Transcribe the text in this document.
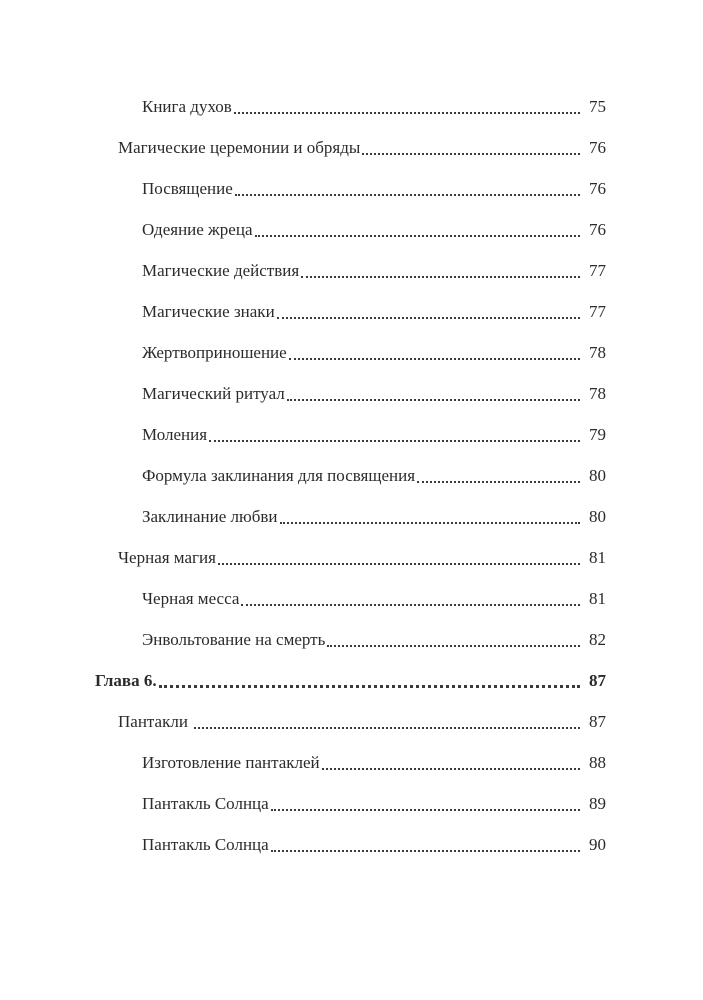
Книга духов	75
Магические церемонии и обряды	76
Посвящение	76
Одеяние жреца	76
Магические действия	77
Магические знаки	77
Жертвоприношение	78
Магический ритуал	78
Моления	79
Формула заклинания для посвящения	80
Заклинание любви	80
Черная магия	81
Черная месса	81
Энвольтование на смерть	82
Глава 6.	87
Пантакли	87
Изготовление пантаклей	88
Пантакль Солнца	89
Пантакль Солнца	90
